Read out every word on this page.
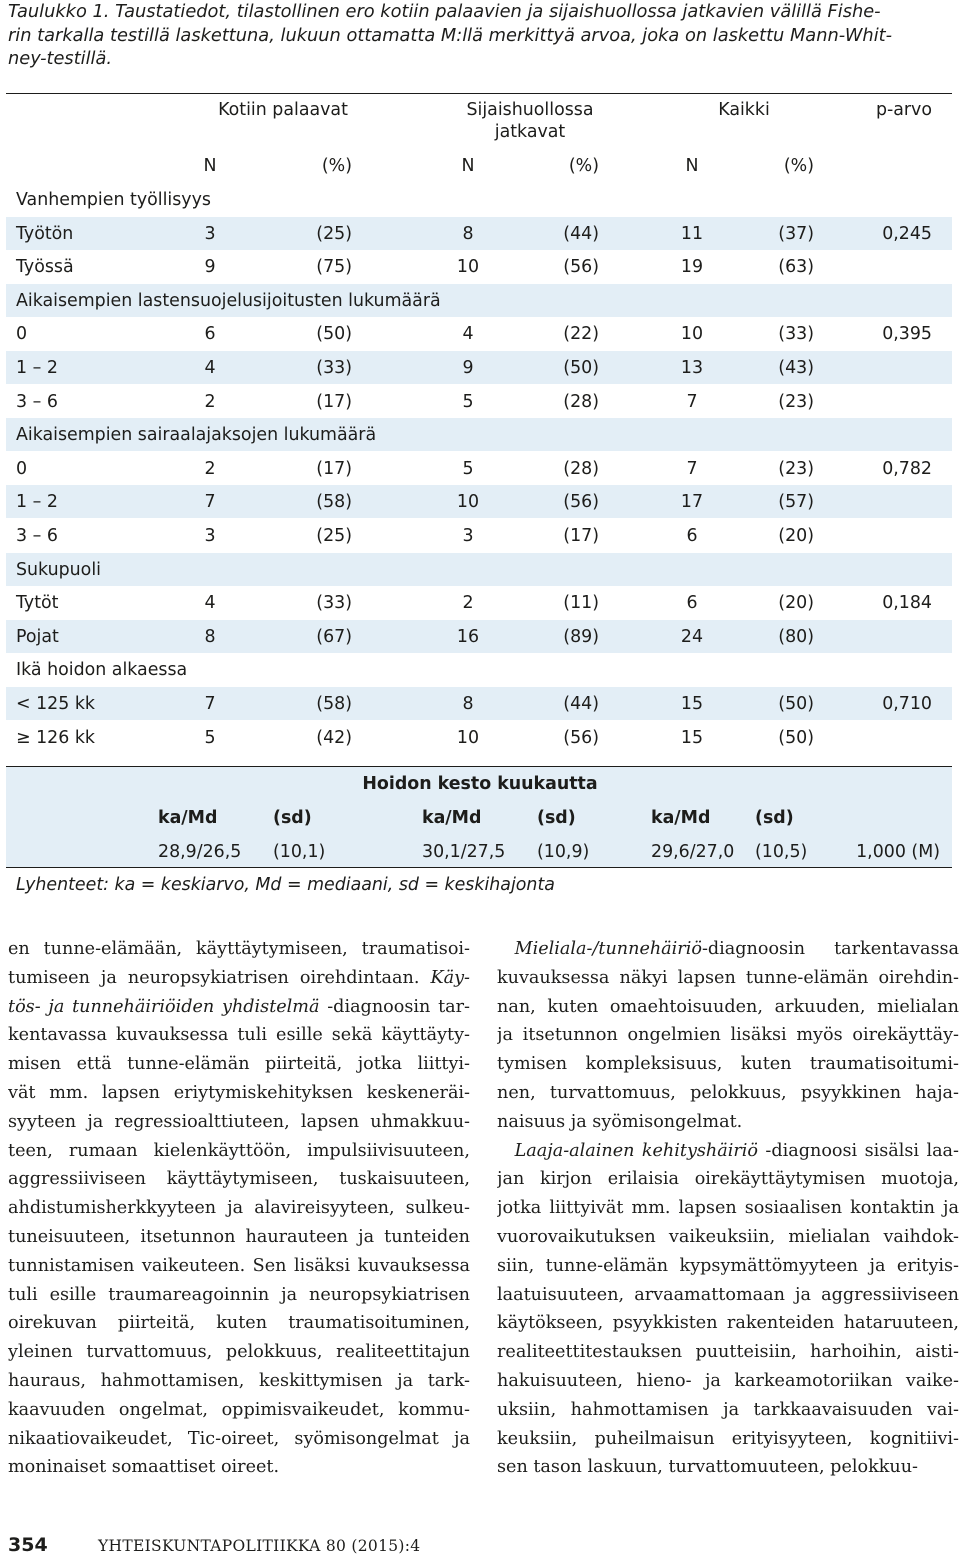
Taulukko 1. Taustatiedot, tilastollinen ero kotiin palaavien ja sijaishuollossa jatkavien välillä Fishe-
rin tarkalla testillä laskettuna, lukuun ottamatta M:llä merkittyä arvoa, joka on laskettu Mann-Whit-
ney-testillä.
Kotiin palaavat	Sijaishuollossa
jatkavat
Kaikki	p-arvo
N	(%)	N	(%)	N	(%)
Vanhempien työllisyys
Työtön	3	(25)	8	(44)	11	(37)	0,245
Työssä	9	(75)	10	(56)	19	(63)
Aikaisempien lastensuojelusijoitusten lukumäärä
0	6	(50)	4	(22)	10	(33)	0,395
1 – 2	4	(33)	9	(50)	13	(43)
3 – 6	2	(17)	5	(28)	7	(23)
Aikaisempien sairaalajaksojen lukumäärä
0	2	(17)	5	(28)	7	(23)	0,782
1 – 2	7	(58)	10	(56)	17	(57)
3 – 6	3	(25)	3	(17)	6	(20)
Sukupuoli
Tytöt	4	(33)	2	(11)	6	(20)	0,184
Pojat	8	(67)	16	(89)	24	(80)
Ikä hoidon alkaessa
< 125 kk	7	(58)	8	(44)	15	(50)	0,710
≥ 126 kk	5	(42)	10	(56)	15	(50)
Hoidon kesto kuukautta
ka/Md	(sd)	ka/Md	(sd)	ka/Md	(sd)
28,9/26,5 (10,1)	30,1/27,5 (10,9)	29,6/27,0 (10,5)	1,000 (M)
Lyhenteet: ka = keskiarvo, Md = mediaani, sd = keskihajonta
en tunne-elämään, käyttäytymiseen, traumatisoi-
tumiseen ja neuropsykiatrisen oirehdintaan. Käy-
tös- ja tunnehäiriöiden yhdistelmä -diagnoosin tar-
kentavassa kuvauksessa tuli esille sekä käyttäyty-
misen että tunne-elämän piirteitä, jotka liittyi-
vät mm. lapsen eriytymiskehityksen keskeneräi-
syyteen ja regressioalttiuteen, lapsen uhmakkuu-
teen, rumaan kielenkäyttöön, impulsiivisuuteen,
aggressiiviseen käyttäytymiseen, tuskaisuuteen,
ahdistumisherkkyyteen ja alavireisyyteen, sulkeu-
tuneisuuteen, itsetunnon haurauteen ja tunteiden
tunnistamisen vaikeuteen. Sen lisäksi kuvauksessa
tuli esille traumareagoinnin ja neuropsykiatrisen
oirekuvan piirteitä, kuten traumatisoituminen,
yleinen turvattomuus, pelokkuus, realiteettitajun
hauraus, hahmottamisen, keskittymisen ja tark-
kaavuuden ongelmat, oppimisvaikeudet, kommu-
nikaatiovaikeudet, Tic-oireet, syömisongelmat ja
moninaiset somaattiset oireet.
 Mieliala-/tunnehäiriö-diagnoosin tarkentavassa
kuvauksessa näkyi lapsen tunne-elämän oirehdin-
nan, kuten omaehtoisuuden, arkuuden, mielialan
ja itsetunnon ongelmien lisäksi myös oirekäyttäy-
tymisen kompleksisuus, kuten traumatisoitumi-
nen, turvattomuus, pelokkuus, psyykkinen haja-
naisuus ja syömisongelmat.
 Laaja-alainen kehityshäiriö -diagnoosi sisälsi laa-
jan kirjon erilaisia oirekäyttäytymisen muotoja,
jotka liittyivät mm. lapsen sosiaalisen kontaktin ja
vuorovaikutuksen vaikeuksiin, mielialan vaihdok-
siin, tunne-elämän kypsymättömyyteen ja erityis-
laatuisuuteen, arvaamattomaan ja aggressiiviseen
käytökseen, psyykkisten rakenteiden hataruuteen,
realiteettitestauksen puutteisiin, harhoihin, aisti-
hakuisuuteen, hieno- ja karkeamotoriikan vaike-
uksiin, hahmottamisen ja tarkkaavaisuuden vai-
keuksiin, puheilmaisun erityisyyteen, kognitiivi-
sen tason laskuun, turvattomuuteen, pelokkuu-
354	YHTEISKUNTAPOLITIIKKA 80 (2015):4
